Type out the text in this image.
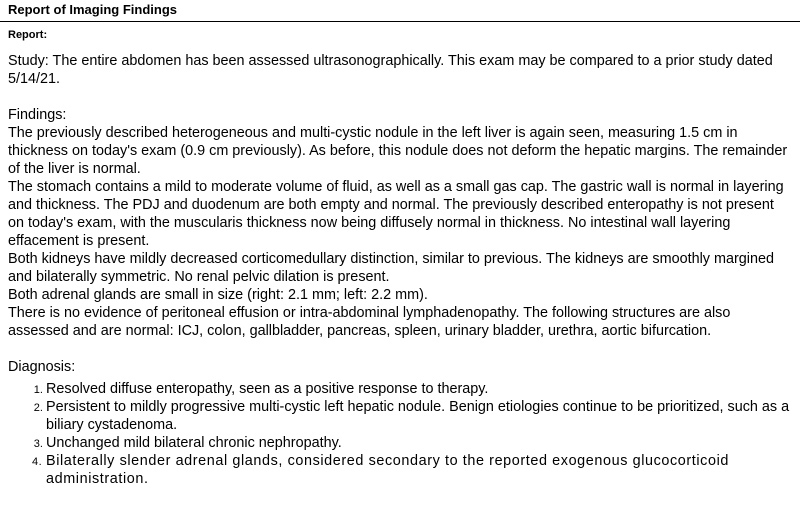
Report of Imaging Findings
Report:

Study: The entire abdomen has been assessed ultrasonographically. This exam may be compared to a prior study dated 5/14/21.

Findings:

The previously described heterogeneous and multi-cystic nodule in the left liver is again seen, measuring 1.5 cm in thickness on today's exam (0.9 cm previously). As before, this nodule does not deform the hepatic margins. The remainder of the liver is normal.

The stomach contains a mild to moderate volume of fluid, as well as a small gas cap. The gastric wall is normal in layering and thickness. The PDJ and duodenum are both empty and normal. The previously described enteropathy is not present on today's exam, with the muscularis thickness now being diffusely normal in thickness. No intestinal wall layering effacement is present.

Both kidneys have mildly decreased corticomedullary distinction, similar to previous. The kidneys are smoothly margined and bilaterally symmetric. No renal pelvic dilation is present.

Both adrenal glands are small in size (right: 2.1 mm; left: 2.2 mm).

There is no evidence of peritoneal effusion or intra-abdominal lymphadenopathy. The following structures are also assessed and are normal: ICJ, colon, gallbladder, pancreas, spleen, urinary bladder, urethra, aortic bifurcation.

Diagnosis:

1. Resolved diffuse enteropathy, seen as a positive response to therapy.
2. Persistent to mildly progressive multi-cystic left hepatic nodule. Benign etiologies continue to be prioritized, such as a biliary cystadenoma.
3. Unchanged mild bilateral chronic nephropathy.
4. Bilaterally slender adrenal glands, considered secondary to the reported exogenous glucocorticoid administration.
